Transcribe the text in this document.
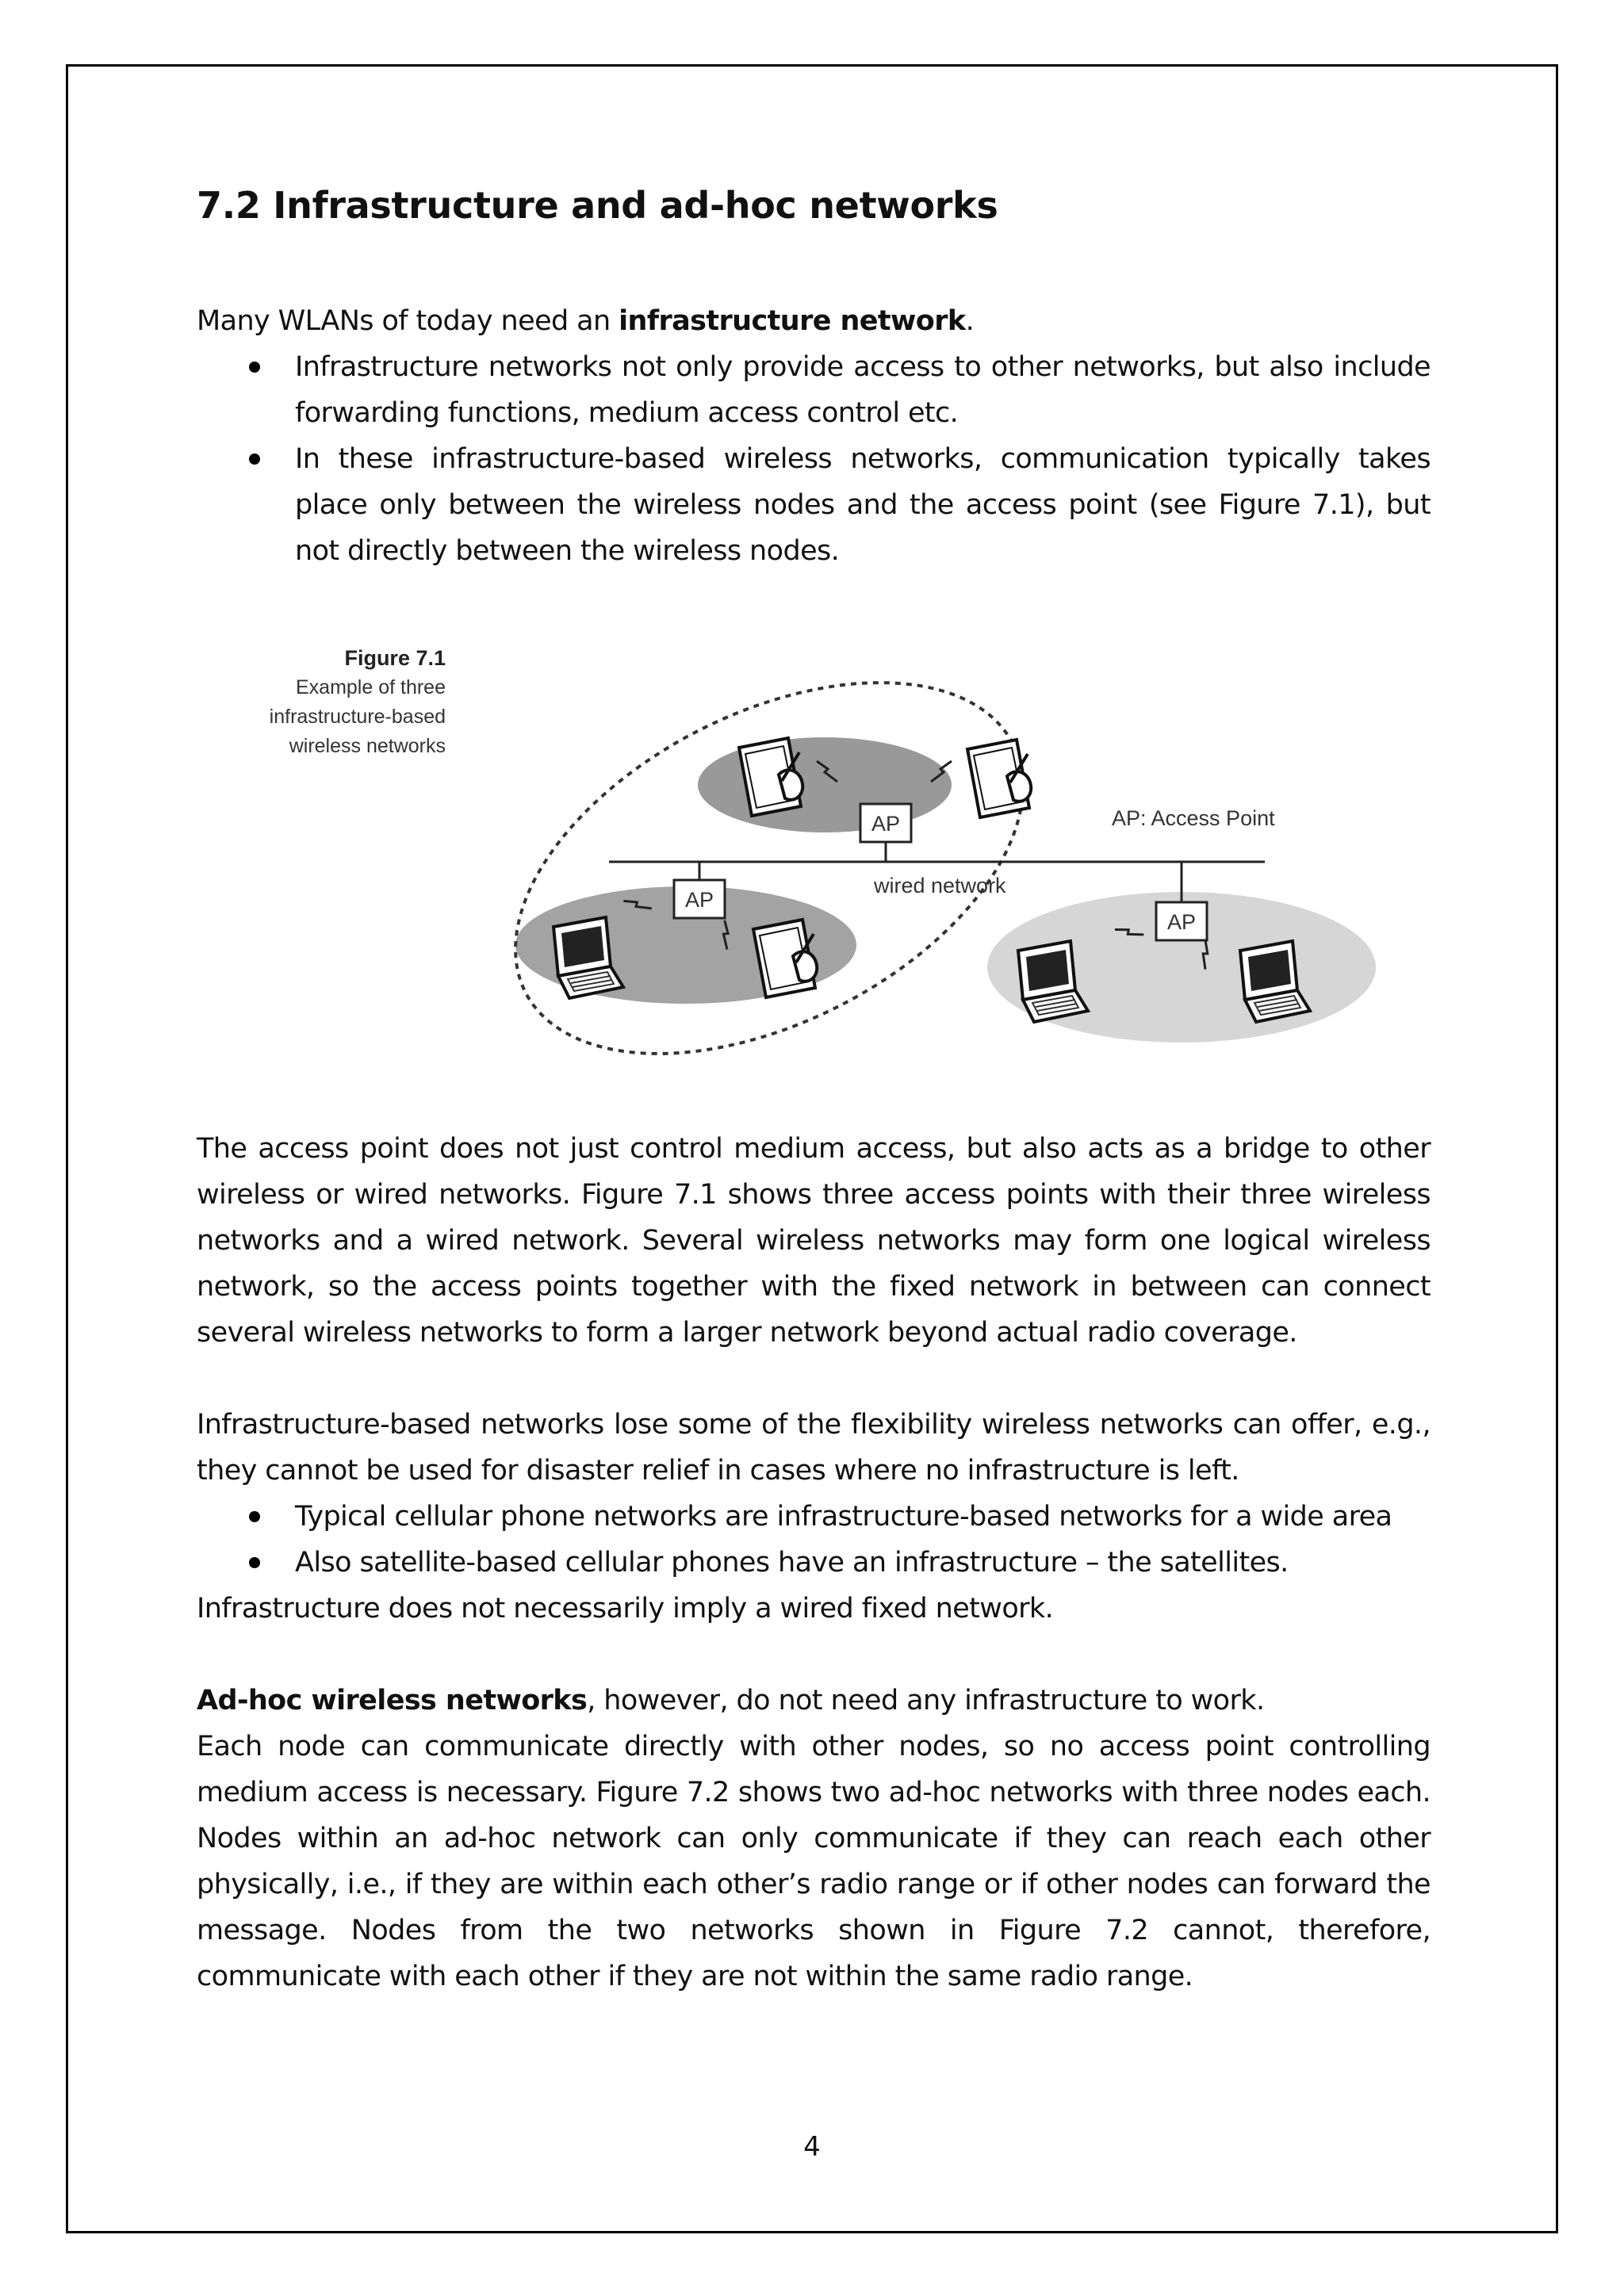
7.2 Infrastructure and ad-hoc networks
Many WLANs of today need an infrastructure network.
Infrastructure networks not only provide access to other networks, but also include forwarding functions, medium access control etc.
In these infrastructure-based wireless networks, communication typically takes place only between the wireless nodes and the access point (see Figure 7.1), but not directly between the wireless nodes.
Figure 7.1
Example of three
infrastructure-based
wireless networks
AP
AP
AP
AP: Access Point
wired network
The access point does not just control medium access, but also acts as a bridge to other wireless or wired networks. Figure 7.1 shows three access points with their three wireless networks and a wired network. Several wireless networks may form one logical wireless network, so the access points together with the fixed network in between can connect several wireless networks to form a larger network beyond actual radio coverage.
Infrastructure-based networks lose some of the flexibility wireless networks can offer, e.g., they cannot be used for disaster relief in cases where no infrastructure is left.
Typical cellular phone networks are infrastructure-based networks for a wide area
Also satellite-based cellular phones have an infrastructure – the satellites.
Infrastructure does not necessarily imply a wired fixed network.
Ad-hoc wireless networks, however, do not need any infrastructure to work.
Each node can communicate directly with other nodes, so no access point controlling medium access is necessary. Figure 7.2 shows two ad-hoc networks with three nodes each. Nodes within an ad-hoc network can only communicate if they can reach each other physically, i.e., if they are within each other’s radio range or if other nodes can forward the message. Nodes from the two networks shown in Figure 7.2 cannot, therefore, communicate with each other if they are not within the same radio range.
4
